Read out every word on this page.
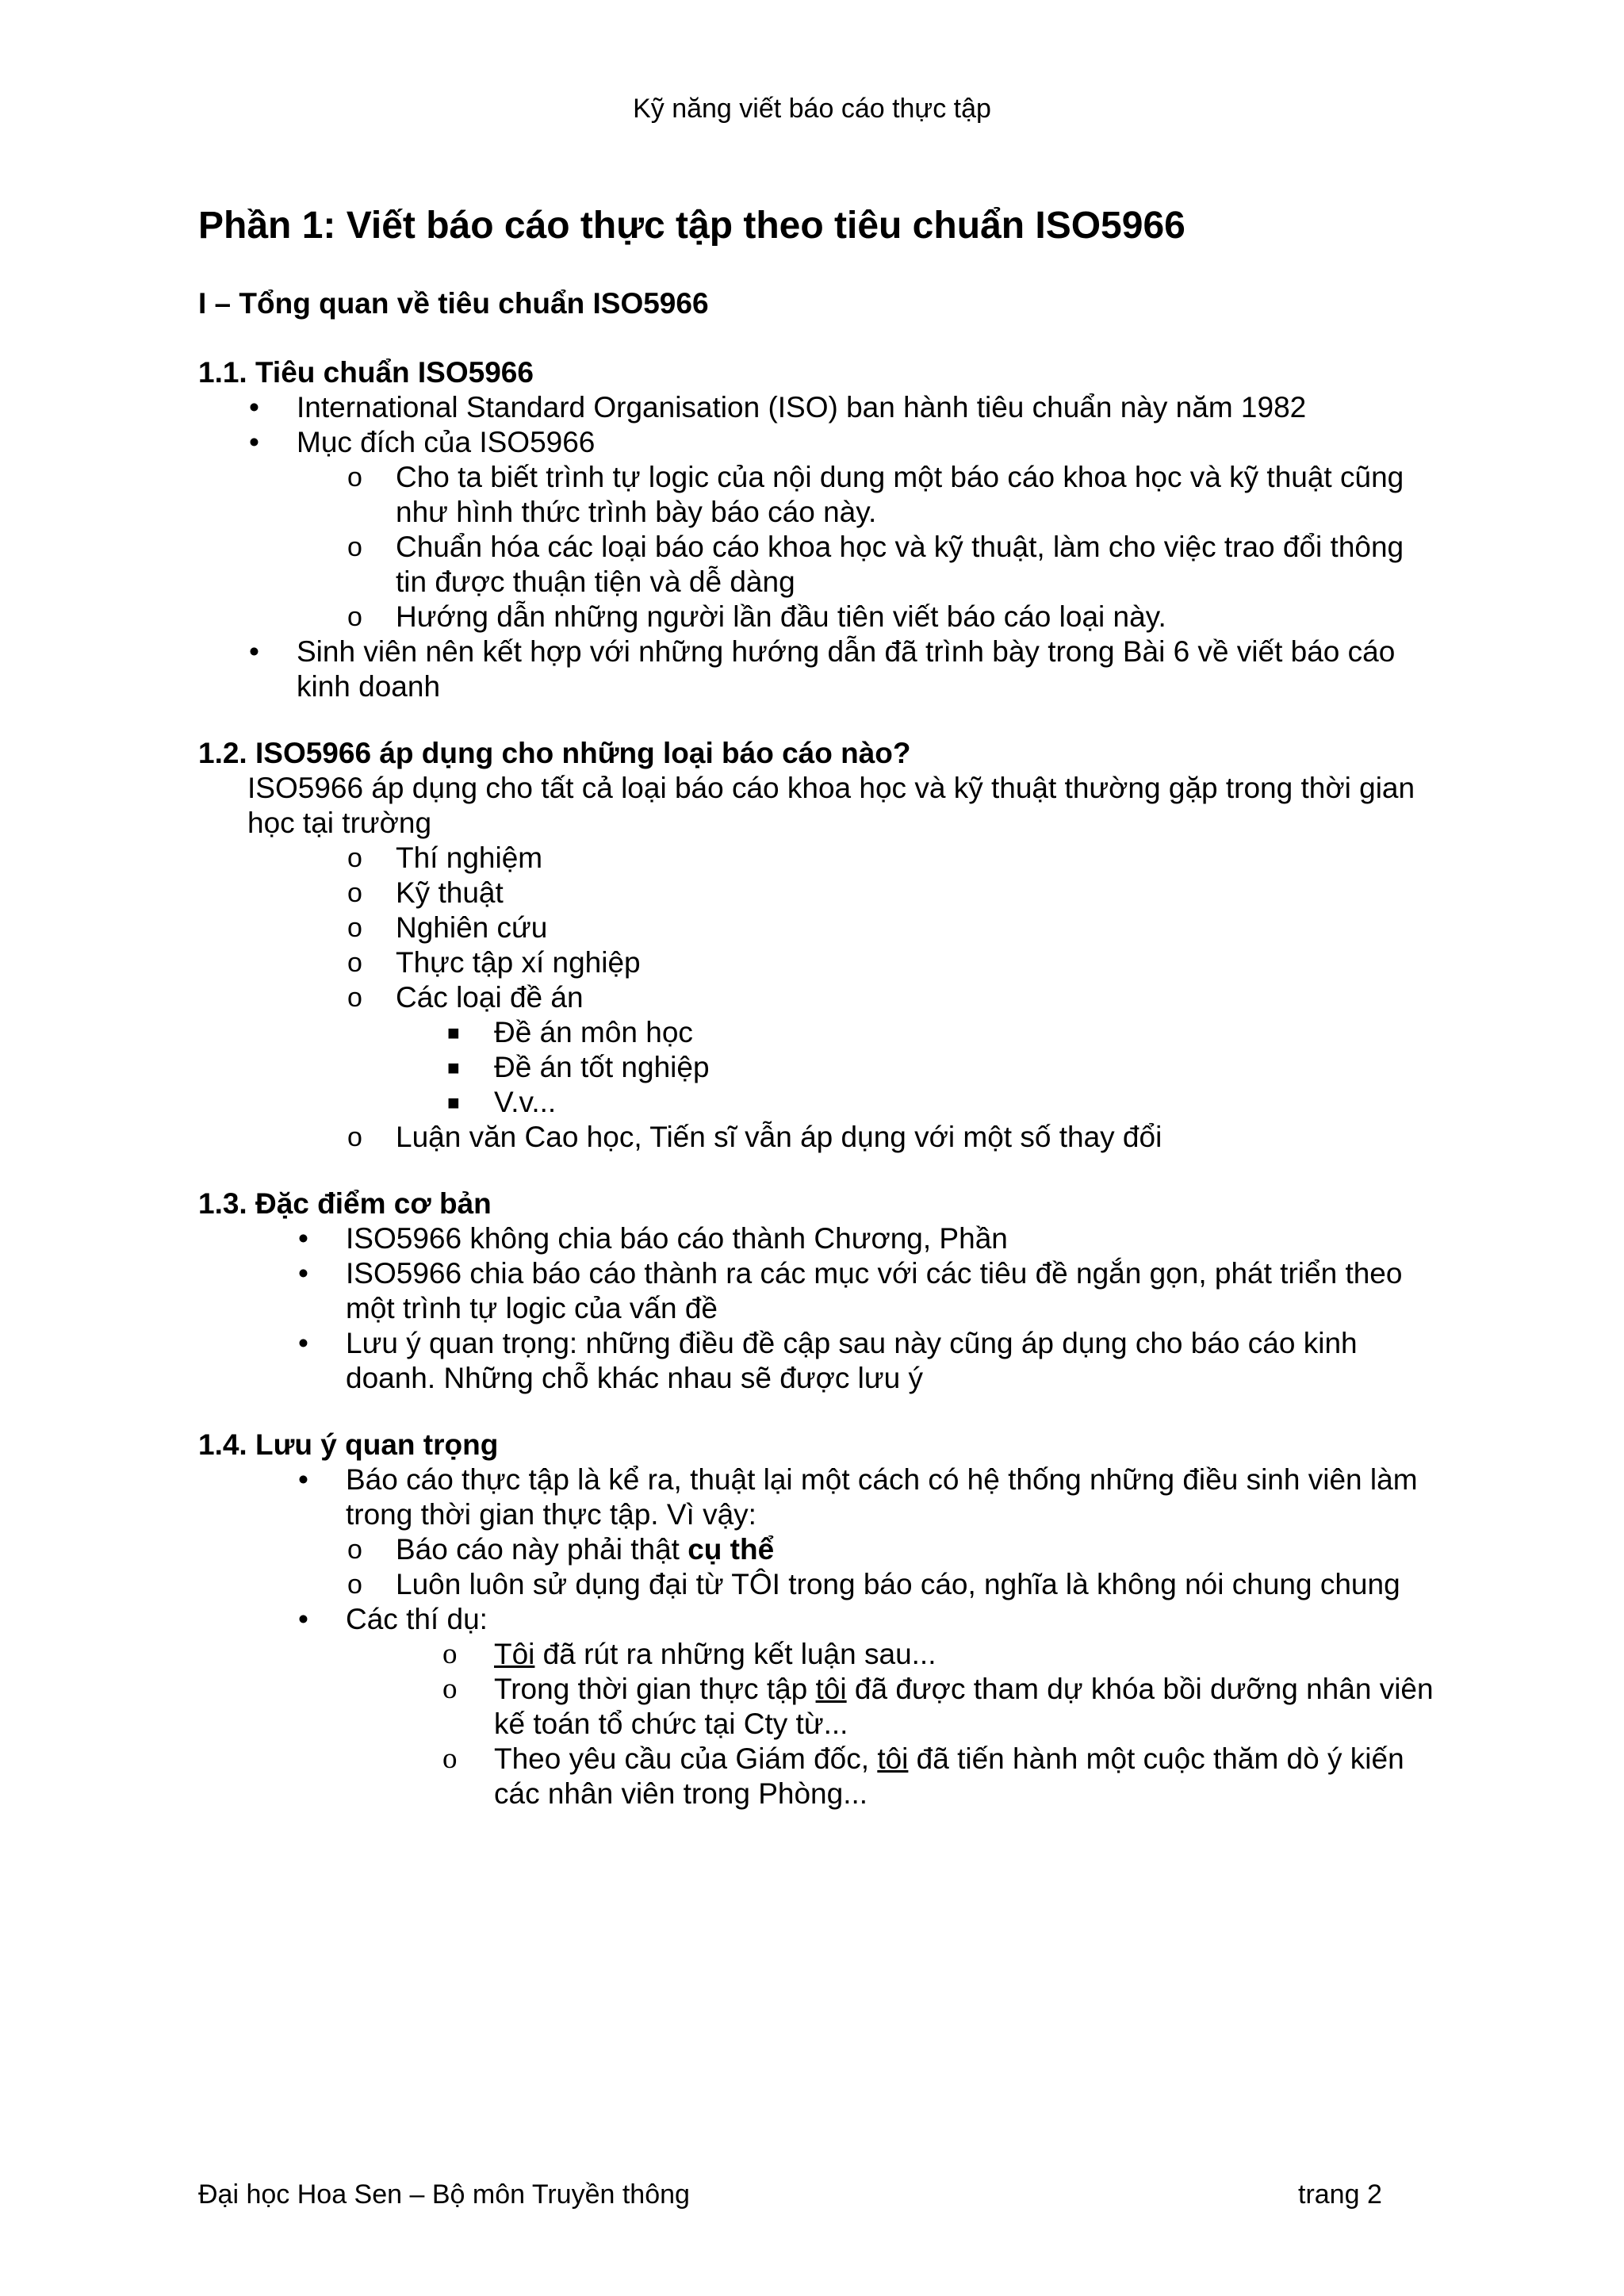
Kỹ năng viết báo cáo thực tập
Phần 1: Viết báo cáo thực tập theo tiêu chuẩn ISO5966
I – Tổng quan về tiêu chuẩn ISO5966
1.1. Tiêu chuẩn ISO5966
• International Standard Organisation (ISO) ban hành tiêu chuẩn này năm 1982
• Mục đích của ISO5966
o Cho ta biết trình tự logic của nội dung một báo cáo khoa học và kỹ thuật cũng như hình thức trình bày báo cáo này.
o Chuẩn hóa các loại báo cáo khoa học và kỹ thuật, làm cho việc trao đổi thông tin được thuận tiện và dễ dàng
o Hướng dẫn những người lần đầu tiên viết báo cáo loại này.
• Sinh viên nên kết hợp với những hướng dẫn đã trình bày trong Bài 6 về viết báo cáo kinh doanh
1.2. ISO5966 áp dụng cho những loại báo cáo nào?
ISO5966 áp dụng cho tất cả loại báo cáo khoa học và kỹ thuật thường gặp trong thời gian học tại trường
o Thí nghiệm
o Kỹ thuật
o Nghiên cứu
o Thực tập xí nghiệp
o Các loại đề án
■ Đề án môn học
■ Đề án tốt nghiệp
■ V.v...
o Luận văn Cao học, Tiến sĩ vẫn áp dụng với một số thay đổi
1.3. Đặc điểm cơ bản
• ISO5966 không chia báo cáo thành Chương, Phần
• ISO5966 chia báo cáo thành ra các mục với các tiêu đề ngắn gọn, phát triển theo một trình tự logic của vấn đề
• Lưu ý quan trọng: những điều đề cập sau này cũng áp dụng cho báo cáo kinh doanh. Những chỗ khác nhau sẽ được lưu ý
1.4. Lưu ý quan trọng
• Báo cáo thực tập là kể ra, thuật lại một cách có hệ thống những điều sinh viên làm trong thời gian thực tập. Vì vậy:
o Báo cáo này phải thật cụ thể
o Luôn luôn sử dụng đại từ TÔI trong báo cáo, nghĩa là không nói chung chung
• Các thí dụ:
o Tôi đã rút ra những kết luận sau...
o Trong thời gian thực tập tôi đã được tham dự khóa bồi dưỡng nhân viên kế toán tổ chức tại Cty từ...
o Theo yêu cầu của Giám đốc, tôi đã tiến hành một cuộc thăm dò ý kiến các nhân viên trong Phòng...
Đại học Hoa Sen – Bộ môn Truyền thông	trang 2
